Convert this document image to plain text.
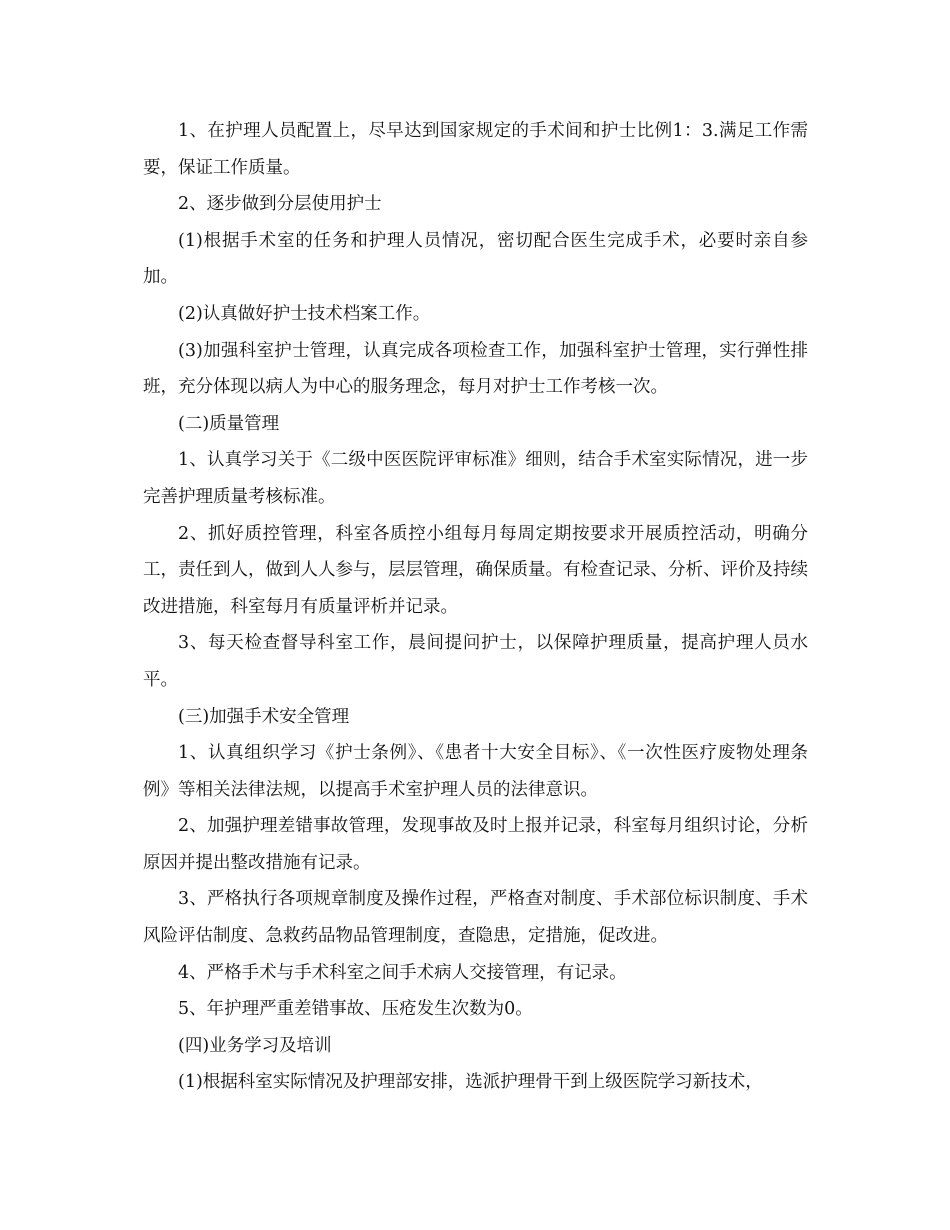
1、在护理人员配置上，尽早达到国家规定的手术间和护士比例1：3.满足工作需要，保证工作质量。

2、逐步做到分层使用护士

(1)根据手术室的任务和护理人员情况，密切配合医生完成手术，必要时亲自参加。

(2)认真做好护士技术档案工作。

(3)加强科室护士管理，认真完成各项检查工作，加强科室护士管理，实行弹性排班，充分体现以病人为中心的服务理念，每月对护士工作考核一次。

(二)质量管理

1、认真学习关于《二级中医医院评审标准》细则，结合手术室实际情况，进一步完善护理质量考核标准。

2、抓好质控管理，科室各质控小组每月每周定期按要求开展质控活动，明确分工，责任到人，做到人人参与，层层管理，确保质量。有检查记录、分析、评价及持续改进措施，科室每月有质量评析并记录。

3、每天检查督导科室工作，晨间提问护士，以保障护理质量，提高护理人员水平。

(三)加强手术安全管理

1、认真组织学习《护士条例》、《患者十大安全目标》、《一次性医疗废物处理条例》等相关法律法规，以提高手术室护理人员的法律意识。

2、加强护理差错事故管理，发现事故及时上报并记录，科室每月组织讨论，分析原因并提出整改措施有记录。

3、严格执行各项规章制度及操作过程，严格查对制度、手术部位标识制度、手术风险评估制度、急救药品物品管理制度，查隐患，定措施，促改进。

4、严格手术与手术科室之间手术病人交接管理，有记录。

5、年护理严重差错事故、压疮发生次数为0。

(四)业务学习及培训

(1)根据科室实际情况及护理部安排，选派护理骨干到上级医院学习新技术，
